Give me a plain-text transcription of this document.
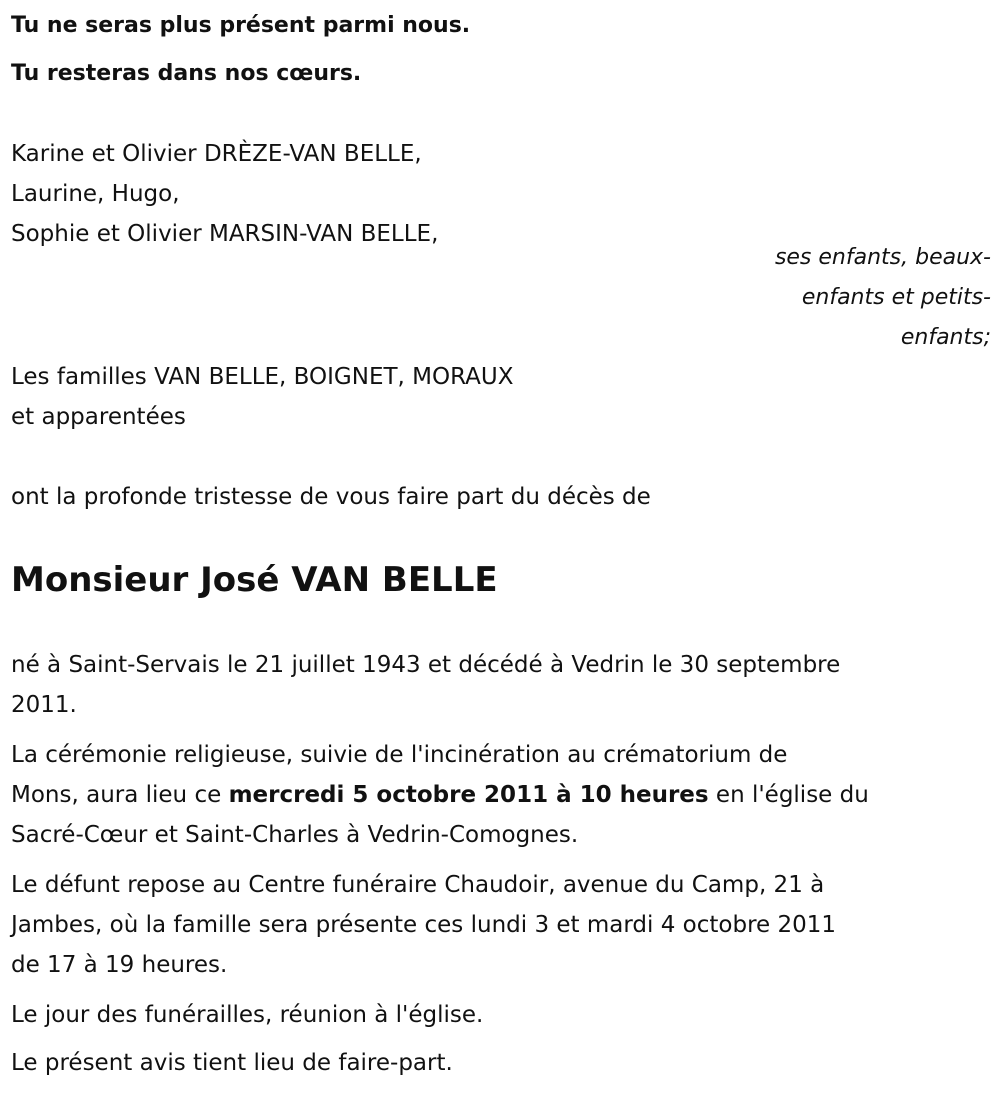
Tu ne seras plus présent parmi nous.

Tu resteras dans nos cœurs.

Karine et Olivier DRÈZE-VAN BELLE,

Laurine, Hugo,

Sophie et Olivier MARSIN-VAN BELLE,

ses enfants, beaux-
enfants et petits-
enfants;

Les familles VAN BELLE, BOIGNET, MORAUX

et apparentées

ont la profonde tristesse de vous faire part du décès de

Monsieur José VAN BELLE

né à Saint-Servais le 21 juillet 1943 et décédé à Vedrin le 30 septembre

2011.

La cérémonie religieuse, suivie de l'incinération au crématorium de

Mons, aura lieu ce mercredi 5 octobre 2011 à 10 heures en l'église du

Sacré-Cœur et Saint-Charles à Vedrin-Comognes.

Le défunt repose au Centre funéraire Chaudoir, avenue du Camp, 21 à

Jambes, où la famille sera présente ces lundi 3 et mardi 4 octobre 2011

de 17 à 19 heures.

Le jour des funérailles, réunion à l'église.

Le présent avis tient lieu de faire-part.
